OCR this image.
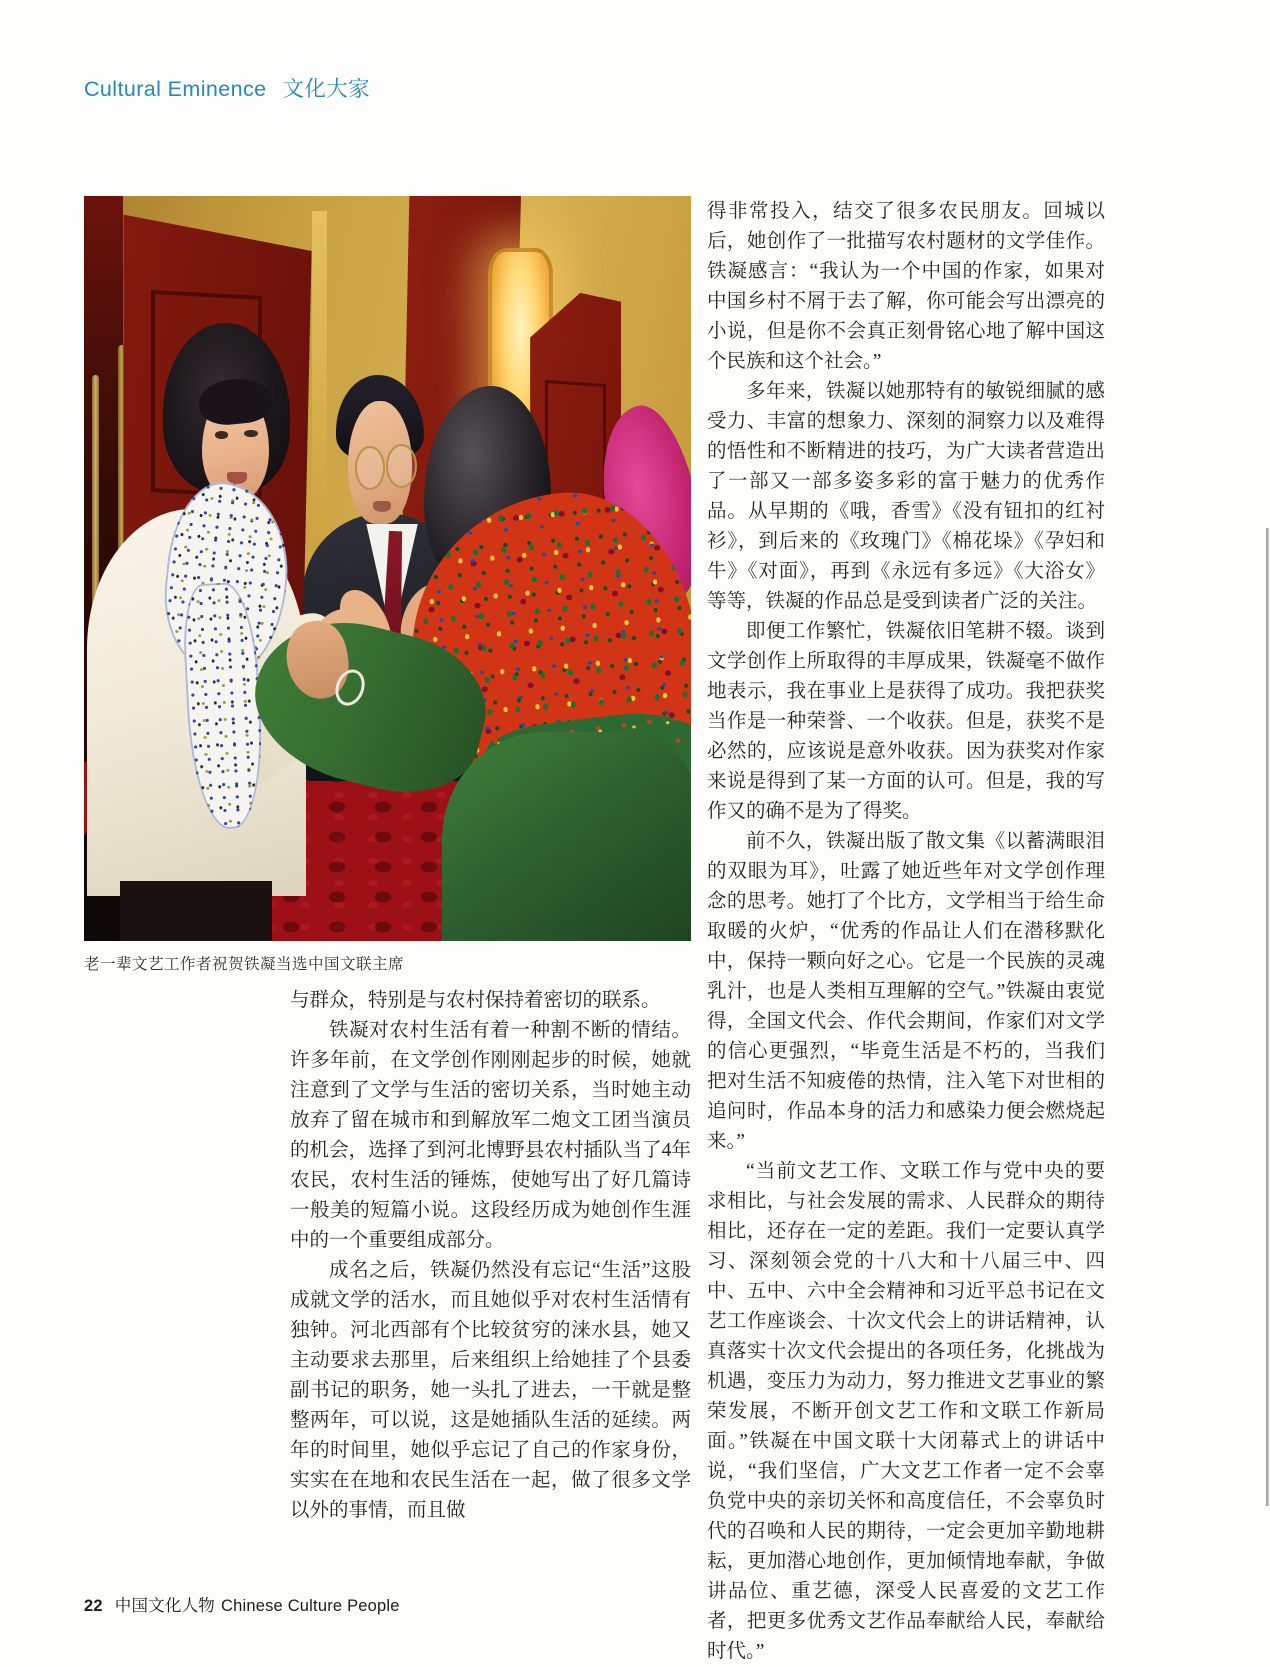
Cultural Eminence 文化大家

老一辈文艺工作者祝贺铁凝当选中国文联主席

与群众，特别是与农村保持着密切的联系。

铁凝对农村生活有着一种割不断的情结。许多年前，在文学创作刚刚起步的时候，她就注意到了文学与生活的密切关系，当时她主动放弃了留在城市和到解放军二炮文工团当演员的机会，选择了到河北博野县农村插队当了4年农民，农村生活的锤炼，使她写出了好几篇诗一般美的短篇小说。这段经历成为她创作生涯中的一个重要组成部分。

成名之后，铁凝仍然没有忘记“生活”这股成就文学的活水，而且她似乎对农村生活情有独钟。河北西部有个比较贫穷的涞水县，她又主动要求去那里，后来组织上给她挂了个县委副书记的职务，她一头扎了进去，一干就是整整两年，可以说，这是她插队生活的延续。两年的时间里，她似乎忘记了自己的作家身份，实实在在地和农民生活在一起，做了很多文学以外的事情，而且做

得非常投入，结交了很多农民朋友。回城以后，她创作了一批描写农村题材的文学佳作。铁凝感言：“我认为一个中国的作家，如果对中国乡村不屑于去了解，你可能会写出漂亮的小说，但是你不会真正刻骨铭心地了解中国这个民族和这个社会。”

多年来，铁凝以她那特有的敏锐细腻的感受力、丰富的想象力、深刻的洞察力以及难得的悟性和不断精进的技巧，为广大读者营造出了一部又一部多姿多彩的富于魅力的优秀作品。从早期的《哦，香雪》《没有钮扣的红衬衫》，到后来的《玫瑰门》《棉花垛》《孕妇和牛》《对面》，再到《永远有多远》《大浴女》等等，铁凝的作品总是受到读者广泛的关注。

即便工作繁忙，铁凝依旧笔耕不辍。谈到文学创作上所取得的丰厚成果，铁凝毫不做作地表示，我在事业上是获得了成功。我把获奖当作是一种荣誉、一个收获。但是，获奖不是必然的，应该说是意外收获。因为获奖对作家来说是得到了某一方面的认可。但是，我的写作又的确不是为了得奖。

前不久，铁凝出版了散文集《以蓄满眼泪的双眼为耳》，吐露了她近些年对文学创作理念的思考。她打了个比方，文学相当于给生命取暖的火炉，“优秀的作品让人们在潜移默化中，保持一颗向好之心。它是一个民族的灵魂乳汁，也是人类相互理解的空气。”铁凝由衷觉得，全国文代会、作代会期间，作家们对文学的信心更强烈，“毕竟生活是不朽的，当我们把对生活不知疲倦的热情，注入笔下对世相的追问时，作品本身的活力和感染力便会燃烧起来。”

“当前文艺工作、文联工作与党中央的要求相比，与社会发展的需求、人民群众的期待相比，还存在一定的差距。我们一定要认真学习、深刻领会党的十八大和十八届三中、四中、五中、六中全会精神和习近平总书记在文艺工作座谈会、十次文代会上的讲话精神，认真落实十次文代会提出的各项任务，化挑战为机遇，变压力为动力，努力推进文艺事业的繁荣发展，不断开创文艺工作和文联工作新局面。”铁凝在中国文联十大闭幕式上的讲话中说，“我们坚信，广大文艺工作者一定不会辜负党中央的亲切关怀和高度信任，不会辜负时代的召唤和人民的期待，一定会更加辛勤地耕耘，更加潜心地创作，更加倾情地奉献，争做讲品位、重艺德，深受人民喜爱的文艺工作者，把更多优秀文艺作品奉献给人民，奉献给时代。”

22 中国文化人物 Chinese Culture People
